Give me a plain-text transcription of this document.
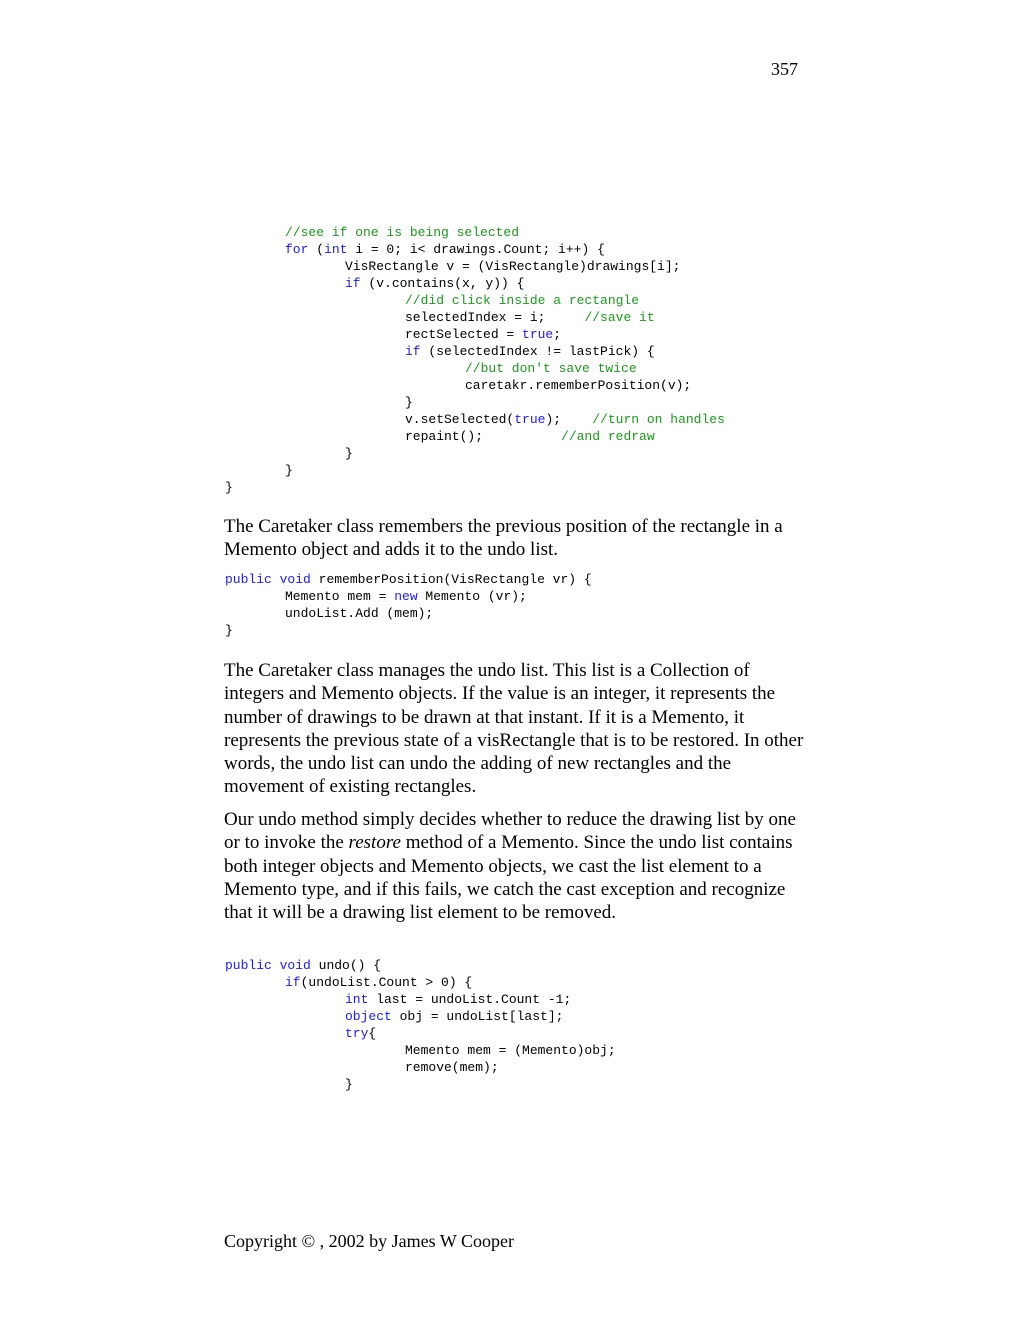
357
//see if one is being selected
for (int i = 0; i< drawings.Count; i++) {
VisRectangle v = (VisRectangle)drawings[i];
if (v.contains(x, y)) {
//did click inside a rectangle
selectedIndex = i;     //save it
rectSelected = true;
if (selectedIndex != lastPick) {
//but don't save twice
caretakr.rememberPosition(v);
}
v.setSelected(true);    //turn on handles
repaint();          //and redraw
}
}
}

The Caretaker class remembers the previous position of the rectangle in a Memento object and adds it to the undo list.

public void rememberPosition(VisRectangle vr) {
Memento mem = new Memento (vr);
undoList.Add (mem);
}

The Caretaker class manages the undo list. This list is a Collection of integers and Memento objects. If the value is an integer, it represents the number of drawings to be drawn at that instant. If it is a Memento, it represents the previous state of a visRectangle that is to be restored. In other words, the undo list can undo the adding of new rectangles and the movement of existing rectangles.

Our undo method simply decides whether to reduce the drawing list by one or to invoke the restore method of a Memento. Since the undo list contains both integer objects and Memento objects, we cast the list element to a Memento type, and if this fails, we catch the cast exception and recognize that it will be a drawing list element to be removed.

public void undo() {
if(undoList.Count > 0) {
int last = undoList.Count -1;
object obj = undoList[last];
try{
Memento mem = (Memento)obj;
remove(mem);
}
Copyright © , 2002 by James W Cooper
